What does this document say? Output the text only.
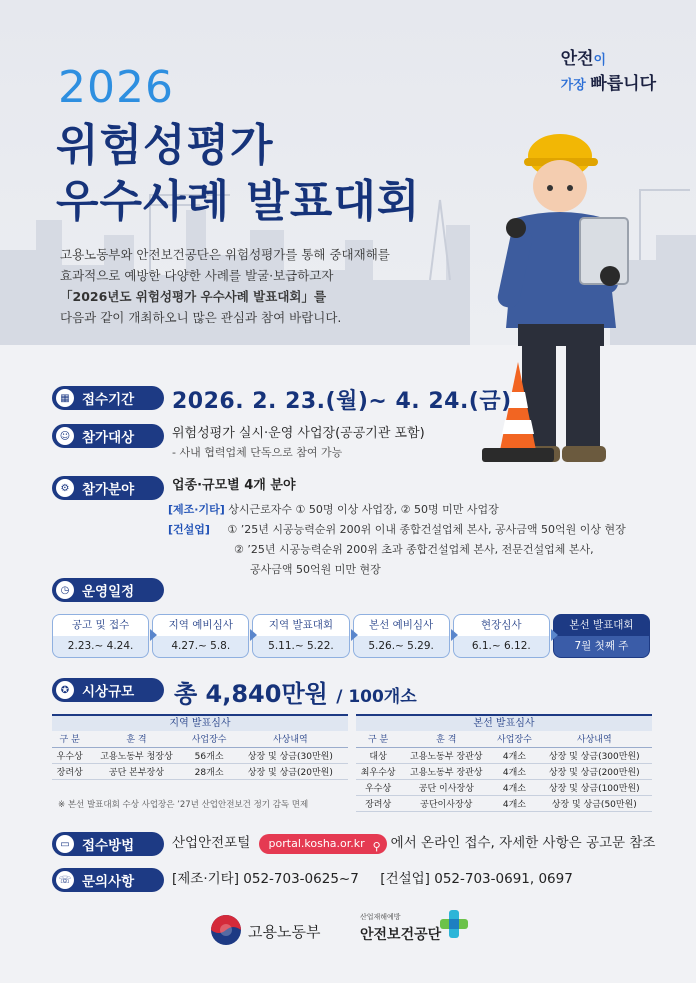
안전이
가장 빠릅니다
2026
위험성평가
우수사례 발표대회
고용노동부와 안전보건공단은 위험성평가를 통해 중대재해를
효과적으로 예방한 다양한 사례를 발굴·보급하고자
「2026년도 위험성평가 우수사례 발표대회」를
다음과 같이 개최하오니 많은 관심과 참여 바랍니다.
▦ 접수기간 2026. 2. 23.(월)~ 4. 24.(금)
☺ 참가대상	위험성평가 실시·운영 사업장(공공기관 포함)
- 사내 협력업체 단독으로 참여 가능
⚙ 참가분야	업종·규모별 4개 분야
[제조·기타] 상시근로자수 ① 50명 이상 사업장, ② 50명 미만 사업장
[건설업] ① ’25년 시공능력순위 200위 이내 종합건설업체 본사, 공사금액 50억원 이상 현장
② ’25년 시공능력순위 200위 초과 종합건설업체 본사, 전문건설업체 본사,
공사금액 50억원 미만 현장
◷ 운영일정
공고 및 접수
2.23.~ 4.24.
지역 예비심사
4.27.~ 5.8.
지역 발표대회
5.11.~ 5.22.
본선 예비심사
5.26.~ 5.29.
현장심사
6.1.~ 6.12.
본선 발표대회
7월 첫째 주
✪ 시상규모 총 4,840만원 / 100개소
지역 발표심사
구 분	훈 격	사업장수	사상내역
우수상	고용노동부 청장상	56개소	상장 및 상금(30만원)
장려상	공단 본부장상	28개소	상장 및 상금(20만원)
본선 발표심사
구 분	훈 격	사업장수	사상내역
대상	고용노동부 장관상	4개소	상장 및 상금(300만원)
최우수상	고용노동부 장관상	4개소	상장 및 상금(200만원)
우수상	공단 이사장상	4개소	상장 및 상금(100만원)
장려상	공단이사장상	4개소	상장 및 상금(50만원)
※ 본선 발표대회 수상 사업장은 ’27년 산업안전보건 정기 감독 면제
▭ 접수방법	산업안전포털 portal.kosha.or.kr ⚲ 에서 온라인 접수, 자세한 사항은 공고문 참조
☏ 문의사항	[제조·기타] 052-703-0625~7 [건설업] 052-703-0691, 0697
고용노동부
산업재해예방
안전보건공단
